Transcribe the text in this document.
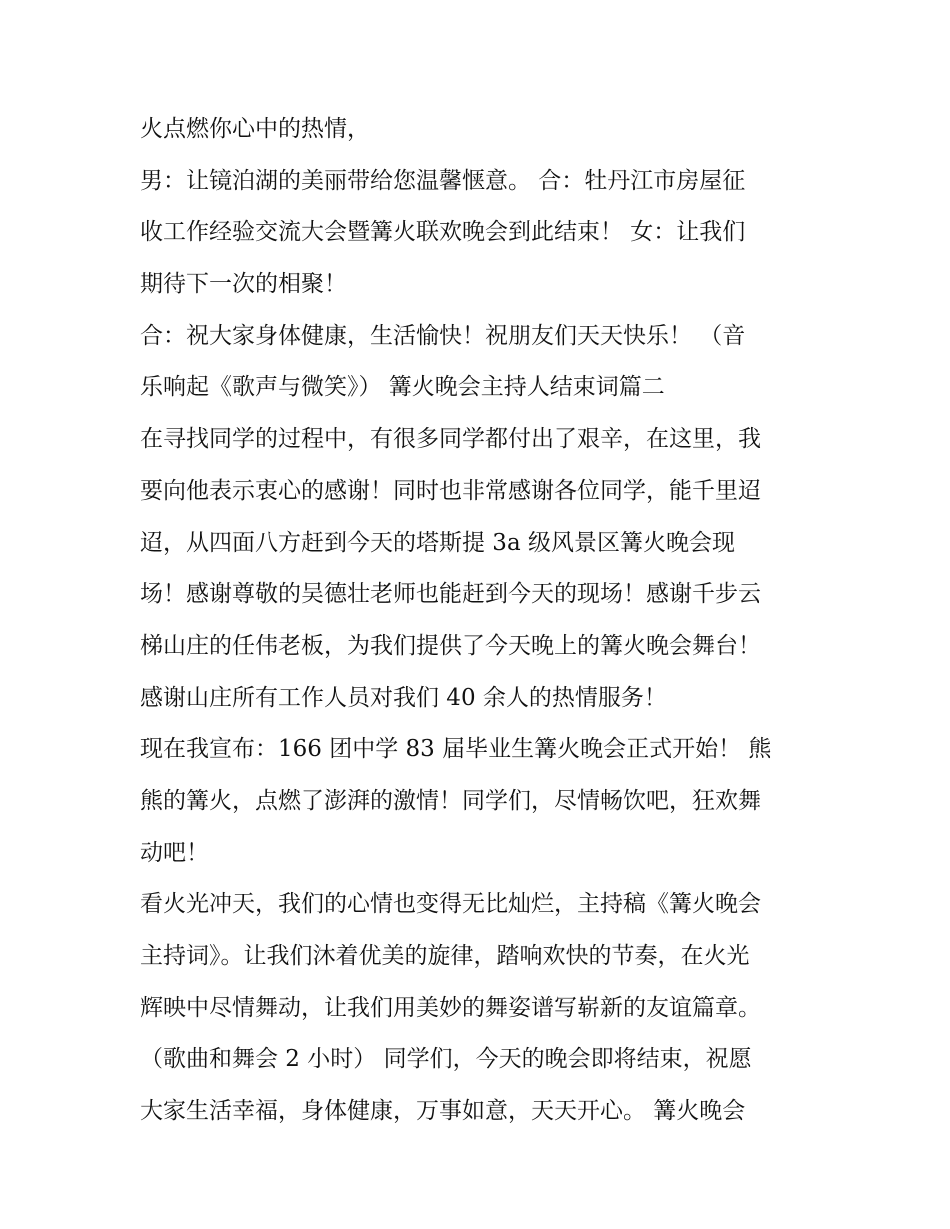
火点燃你心中的热情，
男：让镜泊湖的美丽带给您温馨惬意。 合：牡丹江市房屋征
收工作经验交流大会暨篝火联欢晚会到此结束！ 女：让我们
期待下一次的相聚！
合：祝大家身体健康，生活愉快！祝朋友们天天快乐！ （音
乐响起《歌声与微笑》） 篝火晚会主持人结束词篇二
在寻找同学的过程中，有很多同学都付出了艰辛，在这里，我
要向他表示衷心的感谢！同时也非常感谢各位同学，能千里迢
迢，从四面八方赶到今天的塔斯提 3a 级风景区篝火晚会现
场！感谢尊敬的吴德壮老师也能赶到今天的现场！感谢千步云
梯山庄的任伟老板，为我们提供了今天晚上的篝火晚会舞台！
感谢山庄所有工作人员对我们 40 余人的热情服务！
现在我宣布：166 团中学 83 届毕业生篝火晚会正式开始！ 熊
熊的篝火，点燃了澎湃的激情！同学们，尽情畅饮吧，狂欢舞
动吧！
看火光冲天，我们的心情也变得无比灿烂，主持稿《篝火晚会
主持词》。让我们沐着优美的旋律，踏响欢快的节奏，在火光
辉映中尽情舞动，让我们用美妙的舞姿谱写崭新的友谊篇章。
（歌曲和舞会 2 小时） 同学们，今天的晚会即将结束，祝愿
大家生活幸福，身体健康，万事如意，天天开心。 篝火晚会
